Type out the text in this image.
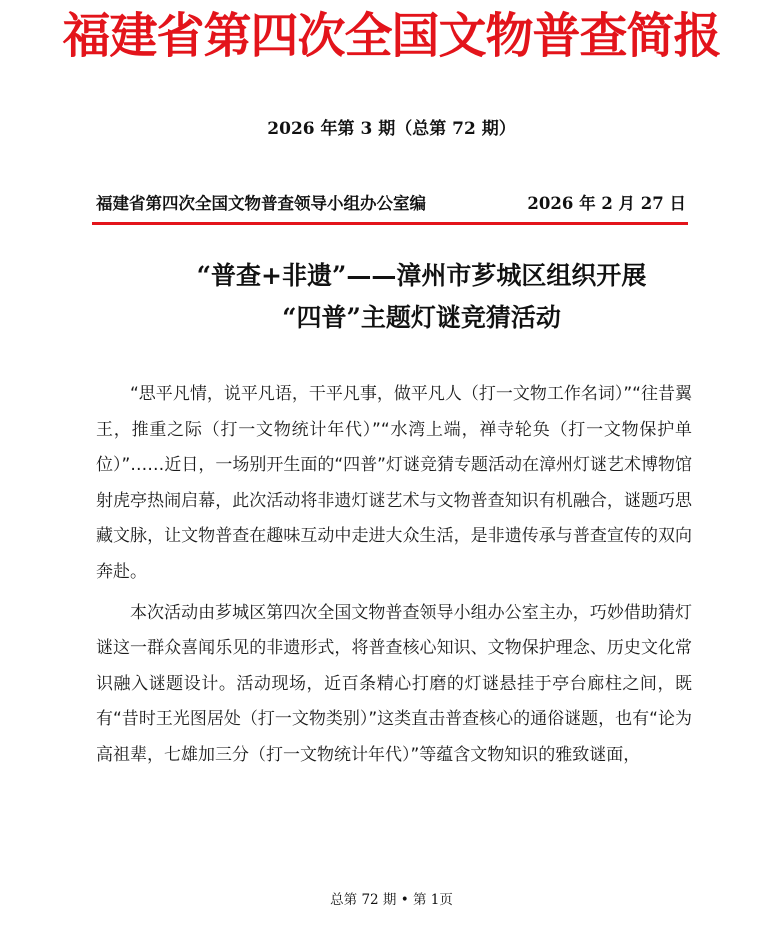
福建省第四次全国文物普查简报
2026 年第 3 期（总第 72 期）
福建省第四次全国文物普查领导小组办公室编	2026 年 2 月 27 日
“普查+非遗”——漳州市芗城区组织开展
“四普”主题灯谜竞猜活动

“思平凡情，说平凡语，干平凡事，做平凡人（打一文物工作名词）”“往昔翼王，推重之际（打一文物统计年代）”“水湾上端，禅寺轮奂（打一文物保护单位）”……近日，一场别开生面的“四普”灯谜竞猜专题活动在漳州灯谜艺术博物馆射虎亭热闹启幕，此次活动将非遗灯谜艺术与文物普查知识有机融合，谜题巧思藏文脉，让文物普查在趣味互动中走进大众生活，是非遗传承与普查宣传的双向奔赴。

本次活动由芗城区第四次全国文物普查领导小组办公室主办，巧妙借助猜灯谜这一群众喜闻乐见的非遗形式，将普查核心知识、文物保护理念、历史文化常识融入谜题设计。活动现场，近百条精心打磨的灯谜悬挂于亭台廊柱之间，既有“昔时王光图居处（打一文物类别）”这类直击普查核心的通俗谜题，也有“论为高祖辈，七雄加三分（打一文物统计年代）”等蕴含文物知识的雅致谜面，

总第 72 期 • 第 1页
